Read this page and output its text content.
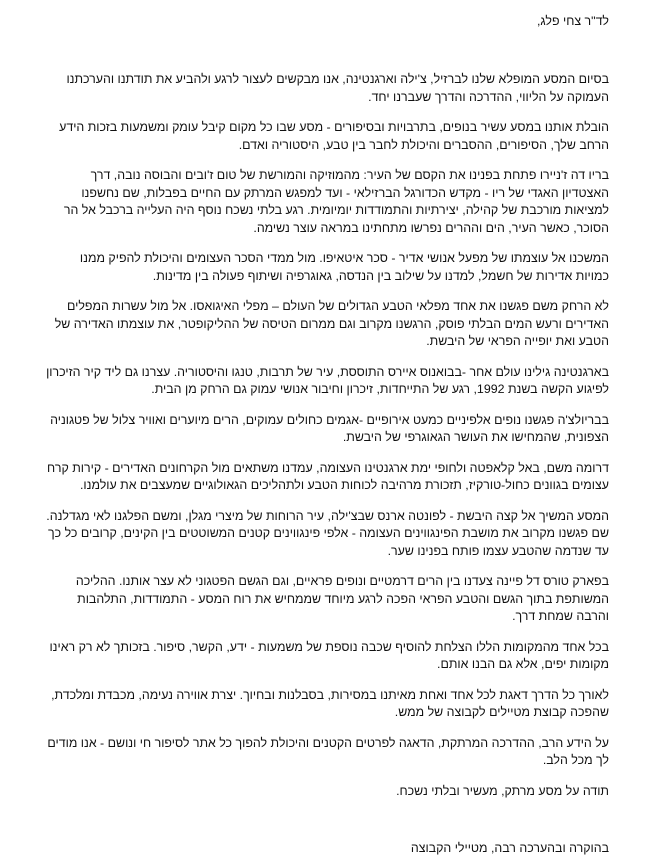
לד"ר צחי פלג,

בסיום המסע המופלא שלנו לברזיל, צ'ילה וארגנטינה, אנו מבקשים לעצור לרגע ולהביע את תודתנו והערכתנו העמוקה על הליווי, ההדרכה והדרך שעברנו יחד.

הובלת אותנו במסע עשיר בנופים, בתרבויות ובסיפורים - מסע שבו כל מקום קיבל עומק ומשמעות בזכות הידע הרחב שלך, הסיפורים, ההסברים והיכולת לחבר בין טבע, היסטוריה ואדם.

בריו דה ז'ניירו פתחת בפנינו את הקסם של העיר: מהמוזיקה והמורשת של טום ז'ובים והבוסה נובה, דרך האצטדיון האגדי של ריו - מקדש הכדורגל הברזילאי - ועד למפגש המרתק עם החיים בפבלות, שם נחשפנו למציאות מורכבת של קהילה, יצירתיות והתמודדות יומיומית. רגע בלתי נשכח נוסף היה העלייה ברכבל אל הר הסוכר, כאשר העיר, הים וההרים נפרשו מתחתינו במראה עוצר נשימה.

המשכנו אל עוצמתו של מפעל אנושי אדיר - סכר איטאיפו. מול ממדי הסכר העצומים והיכולת להפיק ממנו כמויות אדירות של חשמל, למדנו על שילוב בין הנדסה, גאוגרפיה ושיתוף פעולה בין מדינות.

לא הרחק משם פגשנו את אחד מפלאי הטבע הגדולים של העולם – מפלי האיגואסו. אל מול עשרות המפלים האדירים ורעש המים הבלתי פוסק, הרגשנו מקרוב וגם ממרום הטיסה של ההליקופטר, את עוצמתו האדירה של הטבע ואת יופייה הפראי של היבשת.

בארגנטינה גילינו עולם אחר -בבואנוס איירס התוססת, עיר של תרבות, טנגו והיסטוריה. עצרנו גם ליד קיר הזיכרון לפיגוע הקשה בשנת 1992, רגע של התייחדות, זיכרון וחיבור אנושי עמוק גם הרחק מן הבית.

בבריולצ'ה פגשנו נופים אלפיניים כמעט אירופיים -אגמים כחולים עמוקים, הרים מיוערים ואוויר צלול של פטגוניה הצפונית, שהמחישו את העושר הגאוגרפי של היבשת.

דרומה משם, באל קלאפטה ולחופי ימת ארגנטינו העצומה, עמדנו משתאים מול הקרחונים האדירים - קירות קרח עצומים בגוונים כחול-טורקיז, תזכורת מרהיבה לכוחות הטבע ולתהליכים הגאולוגיים שמעצבים את עולמנו.

המסע המשיך אל קצה היבשת - לפונטה ארנס שבצ'ילה, עיר הרוחות של מיצרי מגלן, ומשם הפלגנו לאי מגדלנה. שם פגשנו מקרוב את מושבת הפינגווינים העצומה - אלפי פינגווינים קטנים המשוטטים בין הקינים, קרובים כל כך עד שנדמה שהטבע עצמו פותח בפנינו שער.

בפארק טורס דל פיינה צעדנו בין הרים דרמטיים ונופים פראיים, וגם הגשם הפטגוני לא עצר אותנו. ההליכה המשותפת בתוך הגשם והטבע הפראי הפכה לרגע מיוחד שממחיש את רוח המסע - התמודדות, התלהבות והרבה שמחת דרך.

בכל אחד מהמקומות הללו הצלחת להוסיף שכבה נוספת של משמעות - ידע, הקשר, סיפור. בזכותך לא רק ראינו מקומות יפים, אלא גם הבנו אותם.

לאורך כל הדרך דאגת לכל אחד ואחת מאיתנו במסירות, בסבלנות ובחיוך. יצרת אווירה נעימה, מכבדת ומלכדת, שהפכה קבוצת מטיילים לקבוצה של ממש.

על הידע הרב, ההדרכה המרתקת, הדאגה לפרטים הקטנים והיכולת להפוך כל אתר לסיפור חי ונושם - אנו מודים לך מכל הלב.

תודה על מסע מרתק, מעשיר ובלתי נשכח.

בהוקרה ובהערכה רבה, מטיילי הקבוצה
